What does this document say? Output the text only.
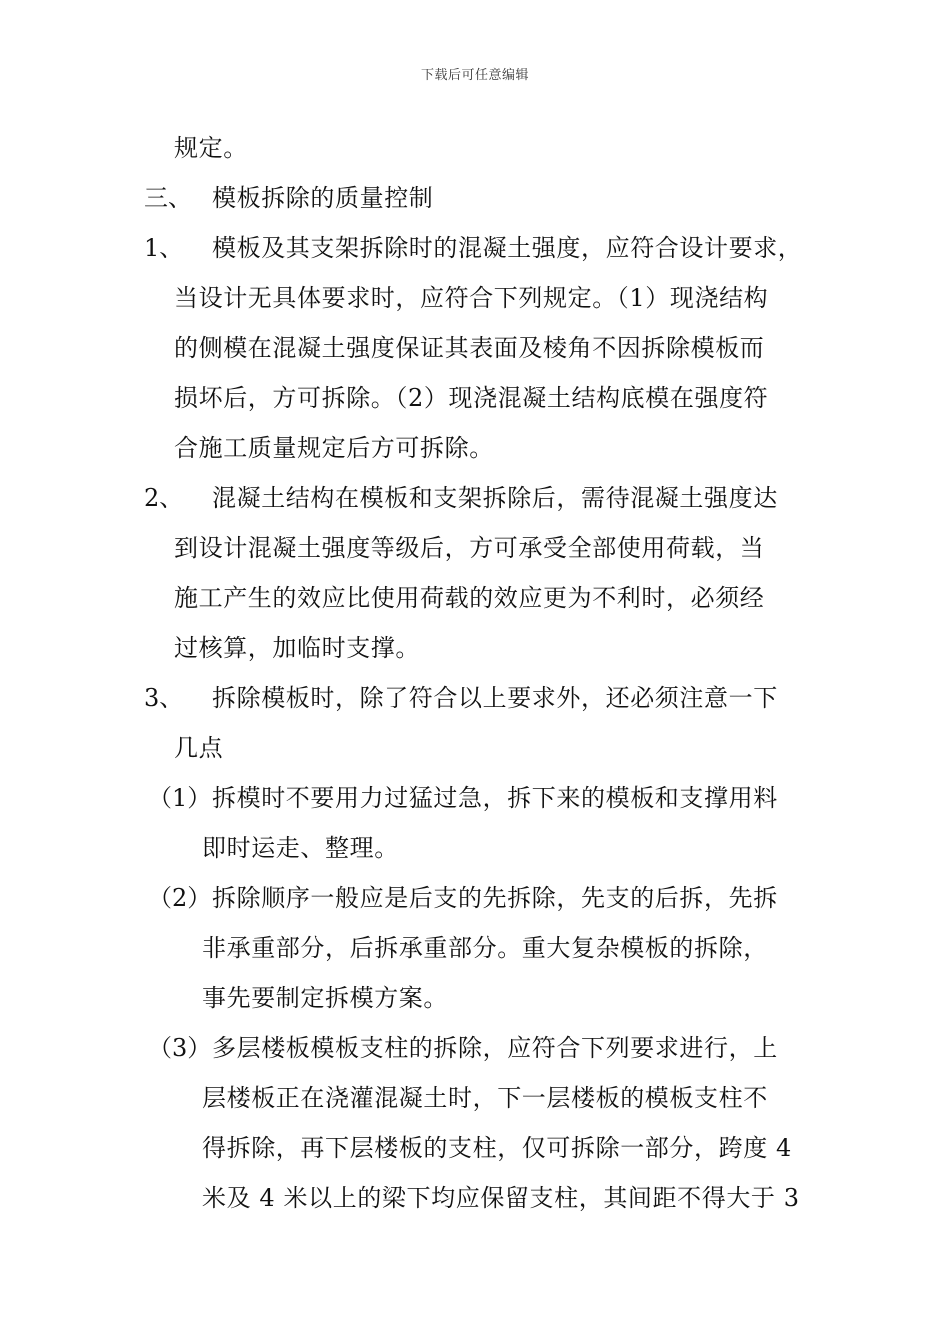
下载后可任意编辑
规定。
三、 模板拆除的质量控制
1、 模板及其支架拆除时的混凝土强度，应符合设计要求，
当设计无具体要求时，应符合下列规定。（1）现浇结构
的侧模在混凝土强度保证其表面及棱角不因拆除模板而
损坏后，方可拆除。（2）现浇混凝土结构底模在强度符
合施工质量规定后方可拆除。
2、 混凝土结构在模板和支架拆除后，需待混凝土强度达
到设计混凝土强度等级后，方可承受全部使用荷载，当
施工产生的效应比使用荷载的效应更为不利时，必须经
过核算，加临时支撑。
3、 拆除模板时，除了符合以上要求外，还必须注意一下
几点
（1） 拆模时不要用力过猛过急，拆下来的模板和支撑用料
即时运走、整理。
（2） 拆除顺序一般应是后支的先拆除，先支的后拆，先拆
非承重部分，后拆承重部分。重大复杂模板的拆除，
事先要制定拆模方案。
（3） 多层楼板模板支柱的拆除，应符合下列要求进行，上
层楼板正在浇灌混凝土时，下一层楼板的模板支柱不
得拆除，再下层楼板的支柱，仅可拆除一部分，跨度 4
米及 4 米以上的梁下均应保留支柱，其间距不得大于 3
